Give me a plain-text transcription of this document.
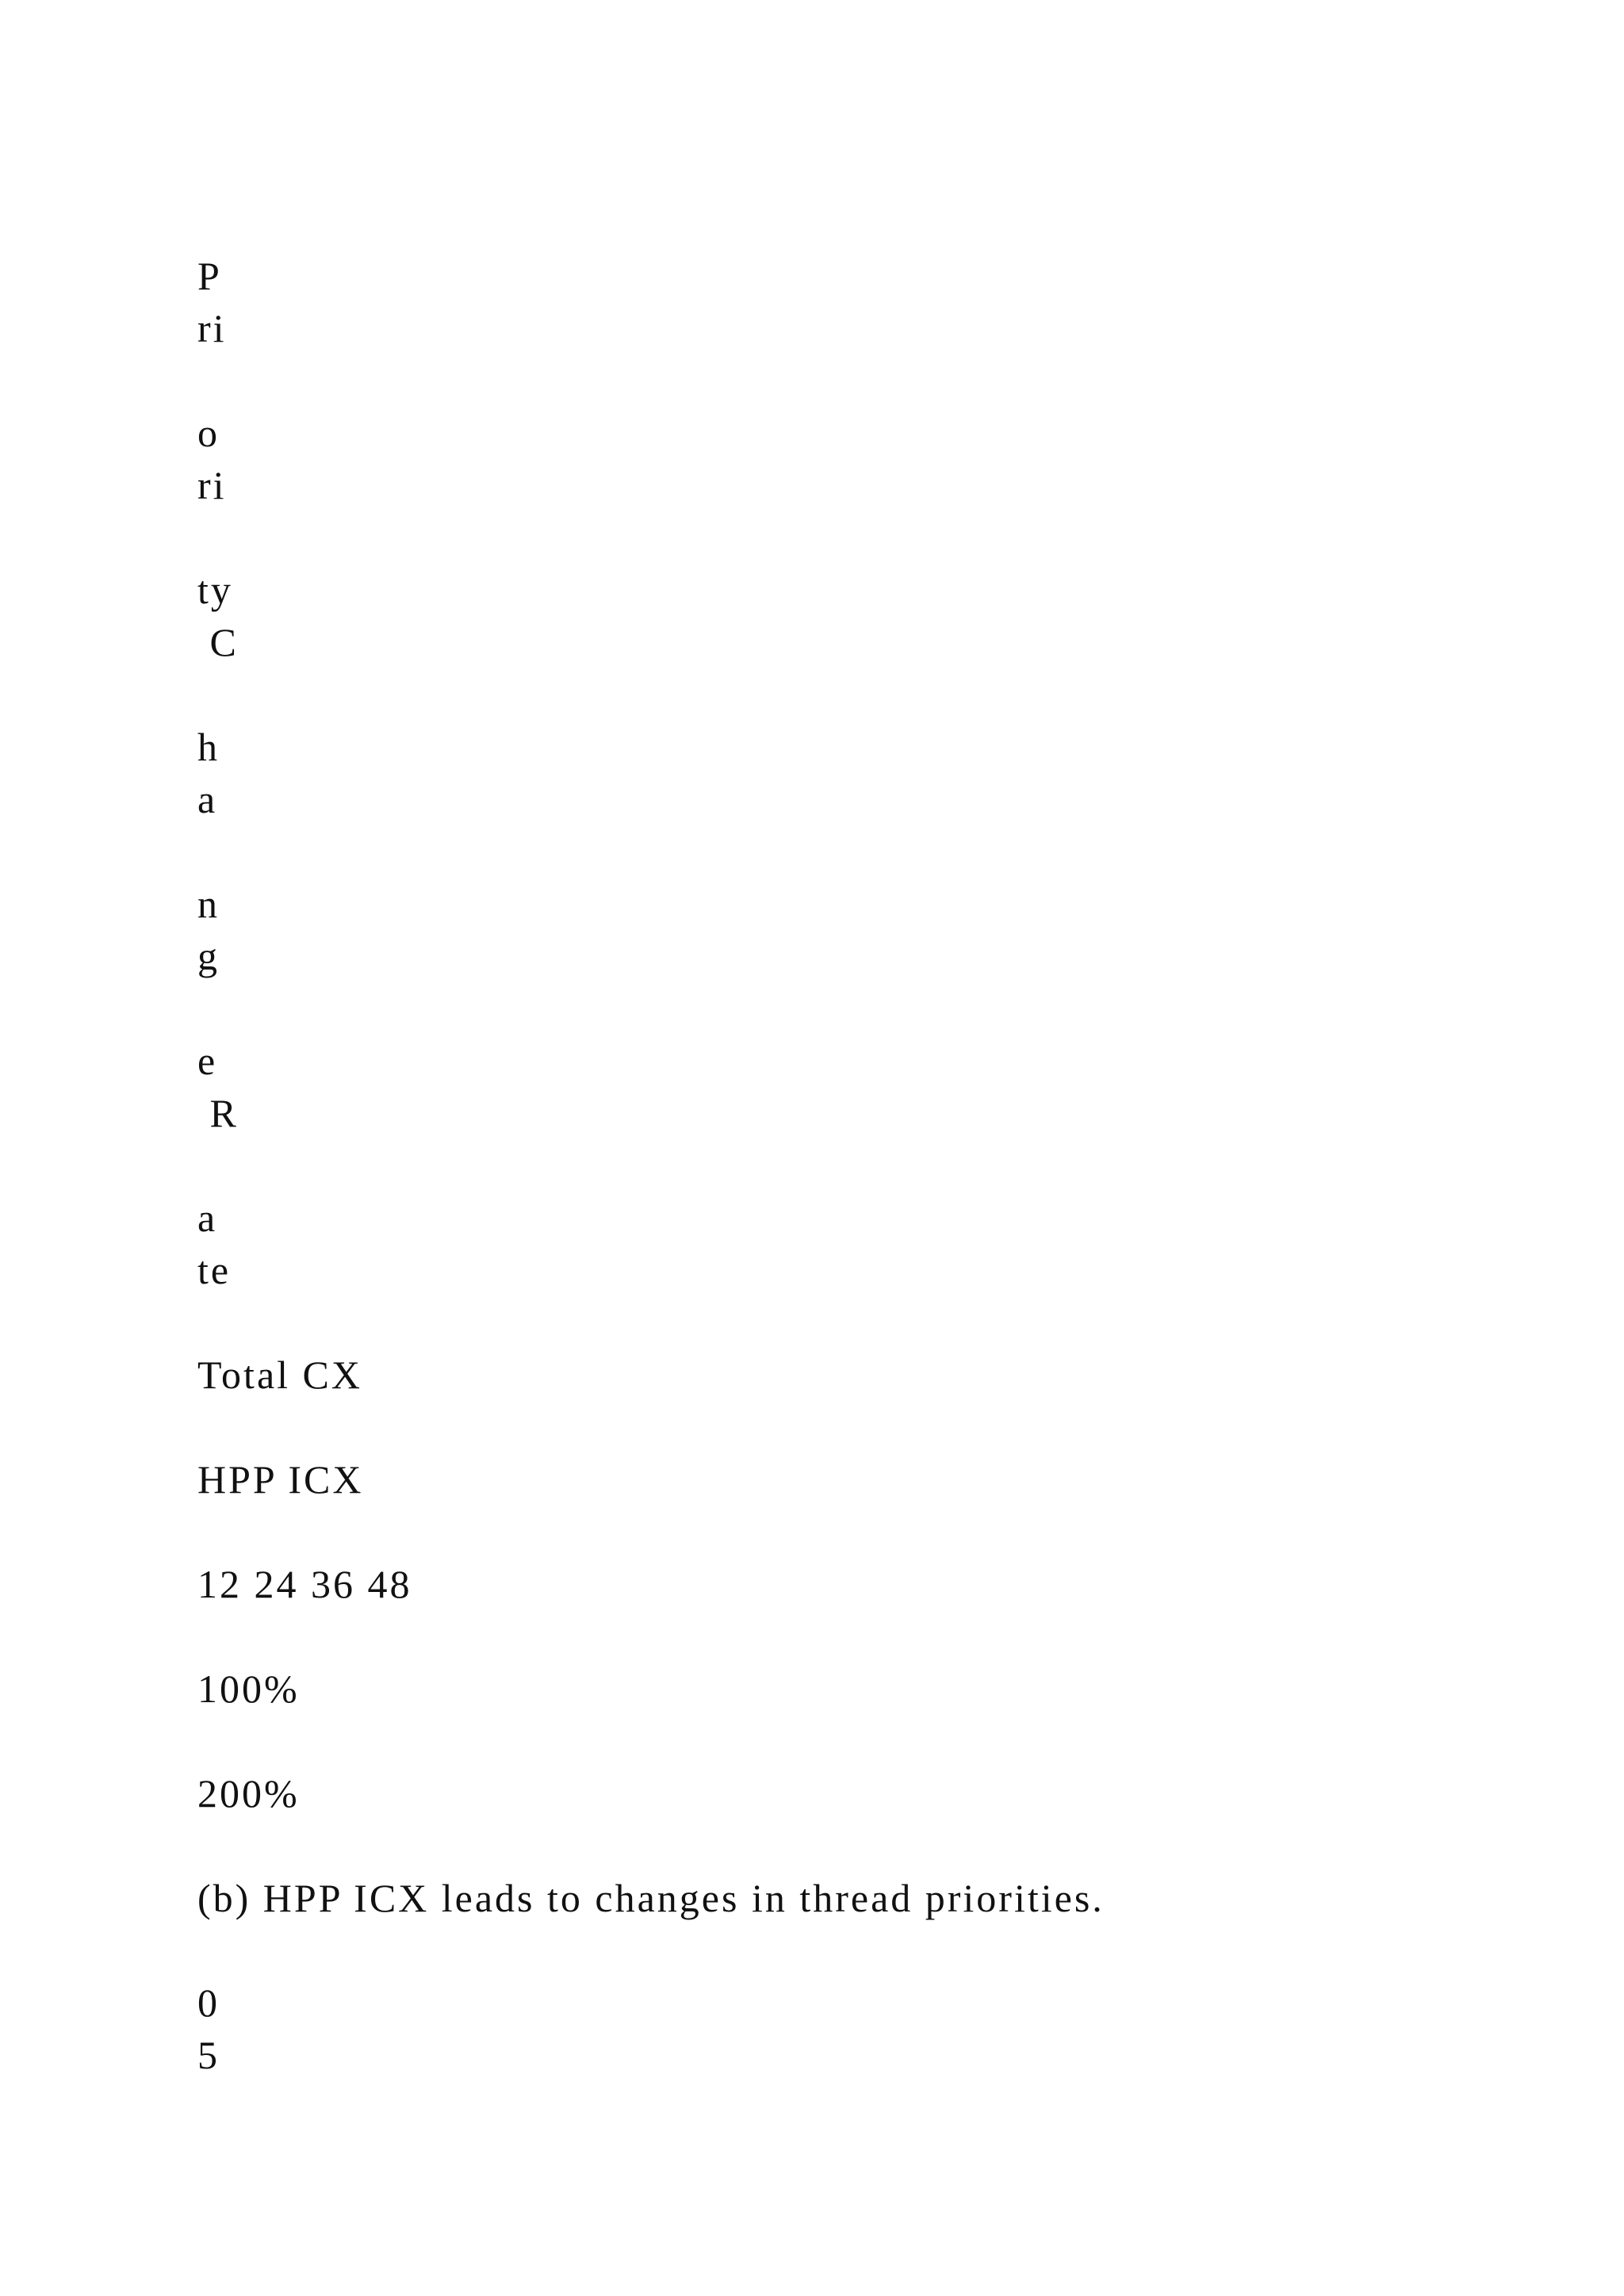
P

ri

o

ri

ty

C

h

a

n

g

e

R

a

te

Total CX

HPP ICX

12 24 36 48

100%

200%

(b) HPP ICX leads to changes in thread priorities.

0

5
